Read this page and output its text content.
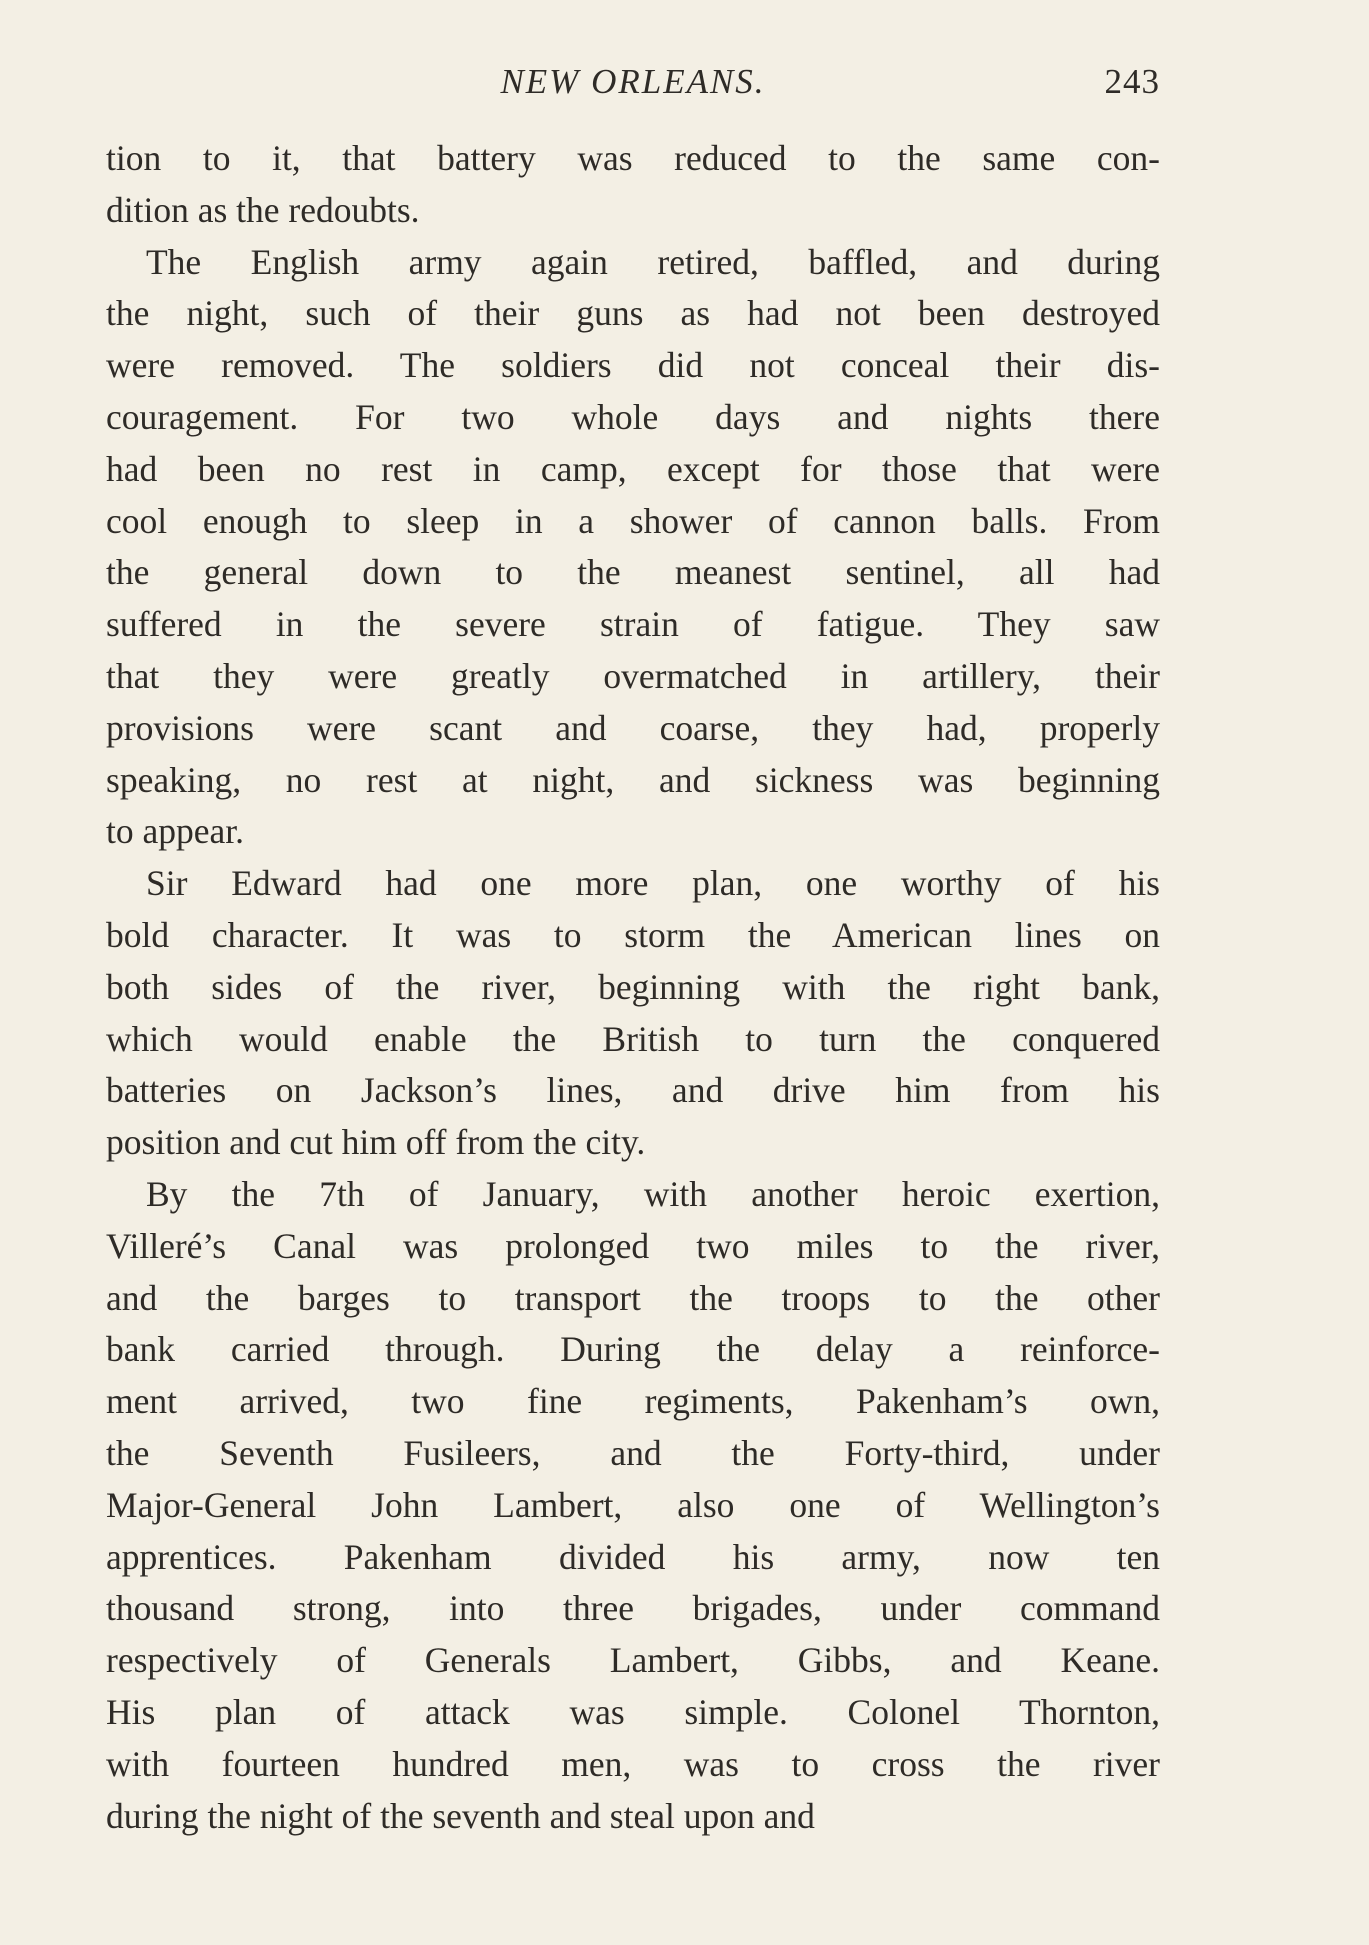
NEW ORLEANS.	243
tion to it, that battery was reduced to the same con-
dition as the redoubts.
The English army again retired, baffled, and during
the night, such of their guns as had not been destroyed
were removed. The soldiers did not conceal their dis-
couragement. For two whole days and nights there
had been no rest in camp, except for those that were
cool enough to sleep in a shower of cannon balls. From
the general down to the meanest sentinel, all had
suffered in the severe strain of fatigue. They saw
that they were greatly overmatched in artillery, their
provisions were scant and coarse, they had, properly
speaking, no rest at night, and sickness was beginning
to appear.
Sir Edward had one more plan, one worthy of his
bold character. It was to storm the American lines on
both sides of the river, beginning with the right bank,
which would enable the British to turn the conquered
batteries on Jackson’s lines, and drive him from his
position and cut him off from the city.
By the 7th of January, with another heroic exertion,
Villeré’s Canal was prolonged two miles to the river,
and the barges to transport the troops to the other
bank carried through. During the delay a reinforce-
ment arrived, two fine regiments, Pakenham’s own,
the Seventh Fusileers, and the Forty-third, under
Major-General John Lambert, also one of Wellington’s
apprentices. Pakenham divided his army, now ten
thousand strong, into three brigades, under command
respectively of Generals Lambert, Gibbs, and Keane.
His plan of attack was simple. Colonel Thornton,
with fourteen hundred men, was to cross the river
during the night of the seventh and steal upon and
